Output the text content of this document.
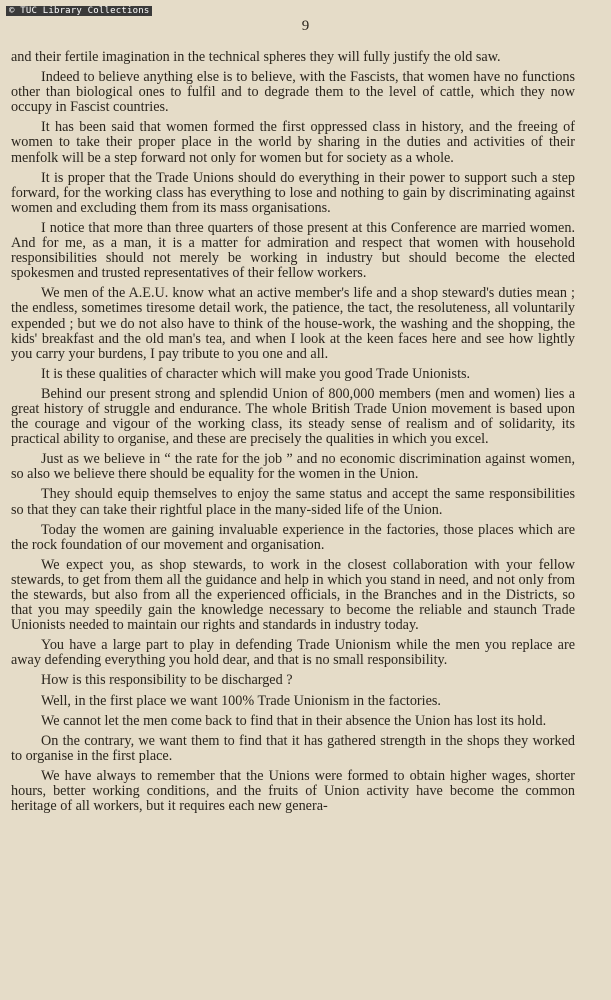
© TUC Library Collections
9

and their fertile imagination in the technical spheres they will fully justify the old saw.

Indeed to believe anything else is to believe, with the Fascists, that women have no functions other than biological ones to fulfil and to degrade them to the level of cattle, which they now occupy in Fascist countries.

It has been said that women formed the first oppressed class in history, and the freeing of women to take their proper place in the world by sharing in the duties and activities of their menfolk will be a step forward not only for women but for society as a whole.

It is proper that the Trade Unions should do everything in their power to support such a step forward, for the working class has everything to lose and nothing to gain by discriminating against women and excluding them from its mass organisations.

I notice that more than three quarters of those present at this Conference are married women. And for me, as a man, it is a matter for admiration and respect that women with household responsibilities should not merely be working in industry but should become the elected spokesmen and trusted representatives of their fellow workers.

We men of the A.E.U. know what an active member's life and a shop steward's duties mean ; the endless, sometimes tiresome detail work, the patience, the tact, the resoluteness, all voluntarily expended ; but we do not also have to think of the house-work, the washing and the shopping, the kids' breakfast and the old man's tea, and when I look at the keen faces here and see how lightly you carry your burdens, I pay tribute to you one and all.

It is these qualities of character which will make you good Trade Unionists.

Behind our present strong and splendid Union of 800,000 members (men and women) lies a great history of struggle and endurance. The whole British Trade Union movement is based upon the courage and vigour of the working class, its steady sense of realism and of solidarity, its practical ability to organise, and these are precisely the qualities in which you excel.

Just as we believe in “ the rate for the job ” and no economic discrimination against women, so also we believe there should be equality for the women in the Union.

They should equip themselves to enjoy the same status and accept the same responsibilities so that they can take their rightful place in the many-sided life of the Union.

Today the women are gaining invaluable experience in the factories, those places which are the rock foundation of our movement and organisation.

We expect you, as shop stewards, to work in the closest collaboration with your fellow stewards, to get from them all the guidance and help in which you stand in need, and not only from the stewards, but also from all the experienced officials, in the Branches and in the Districts, so that you may speedily gain the knowledge necessary to become the reliable and staunch Trade Unionists needed to maintain our rights and standards in industry today.

You have a large part to play in defending Trade Unionism while the men you replace are away defending everything you hold dear, and that is no small responsibility.

How is this responsibility to be discharged ?

Well, in the first place we want 100% Trade Unionism in the factories.

We cannot let the men come back to find that in their absence the Union has lost its hold.

On the contrary, we want them to find that it has gathered strength in the shops they worked to organise in the first place.

We have always to remember that the Unions were formed to obtain higher wages, shorter hours, better working conditions, and the fruits of Union activity have become the common heritage of all workers, but it requires each new genera-
